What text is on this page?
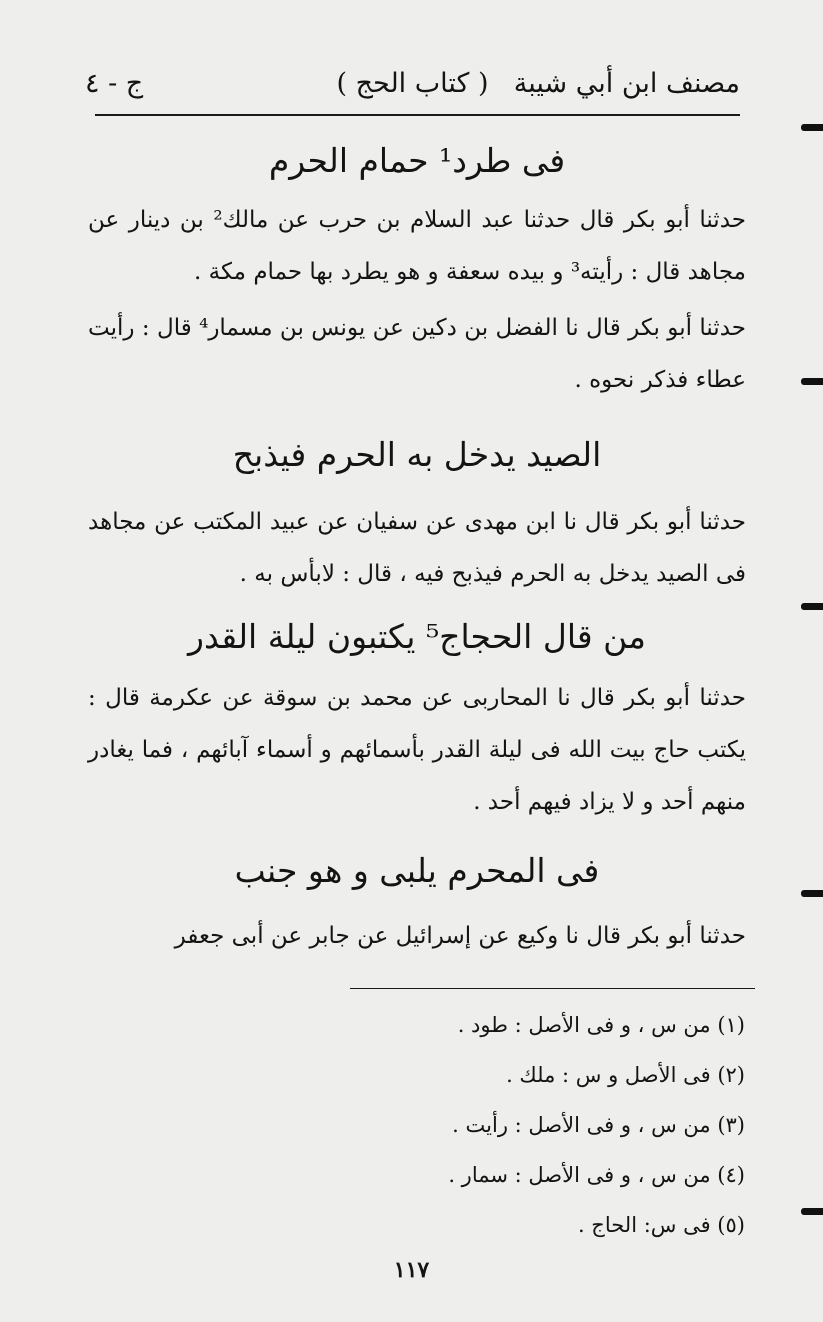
مصنف ابن أبي شيبة
( كتاب الحج )
ج - ٤
فى طرد¹ حمام الحرم

حدثنا أبو بكر قال حدثنا عبد السلام بن حرب عن مالك² بن دينار عن مجاهد قال : رأيته³ و بيده سعفة و هو يطرد بها حمام مكة .

حدثنا أبو بكر قال نا الفضل بن دكين عن يونس بن مسمار⁴ قال : رأيت عطاء فذكر نحوه .

الصيد يدخل به الحرم فيذبح

حدثنا أبو بكر قال نا ابن مهدى عن سفيان عن عبيد المكتب عن مجاهد فى الصيد يدخل به الحرم فيذبح فيه ، قال : لابأس به .

من قال الحجاج⁵ يكتبون ليلة القدر

حدثنا أبو بكر قال نا المحاربى عن محمد بن سوقة عن عكرمة قال : يكتب حاج بيت الله فى ليلة القدر بأسمائهم و أسماء آبائهم ، فما يغادر منهم أحد و لا يزاد فيهم أحد .

فى المحرم يلبى و هو جنب

حدثنا أبو بكر قال نا وكيع عن إسرائيل عن جابر عن أبى جعفر

(١) من س ، و فى الأصل : طود .
(٢) فى الأصل و س : ملك .
(٣) من س ، و فى الأصل : رأيت .
(٤) من س ، و فى الأصل : سمار .
(٥) فى س: الحاج .
١١٧
